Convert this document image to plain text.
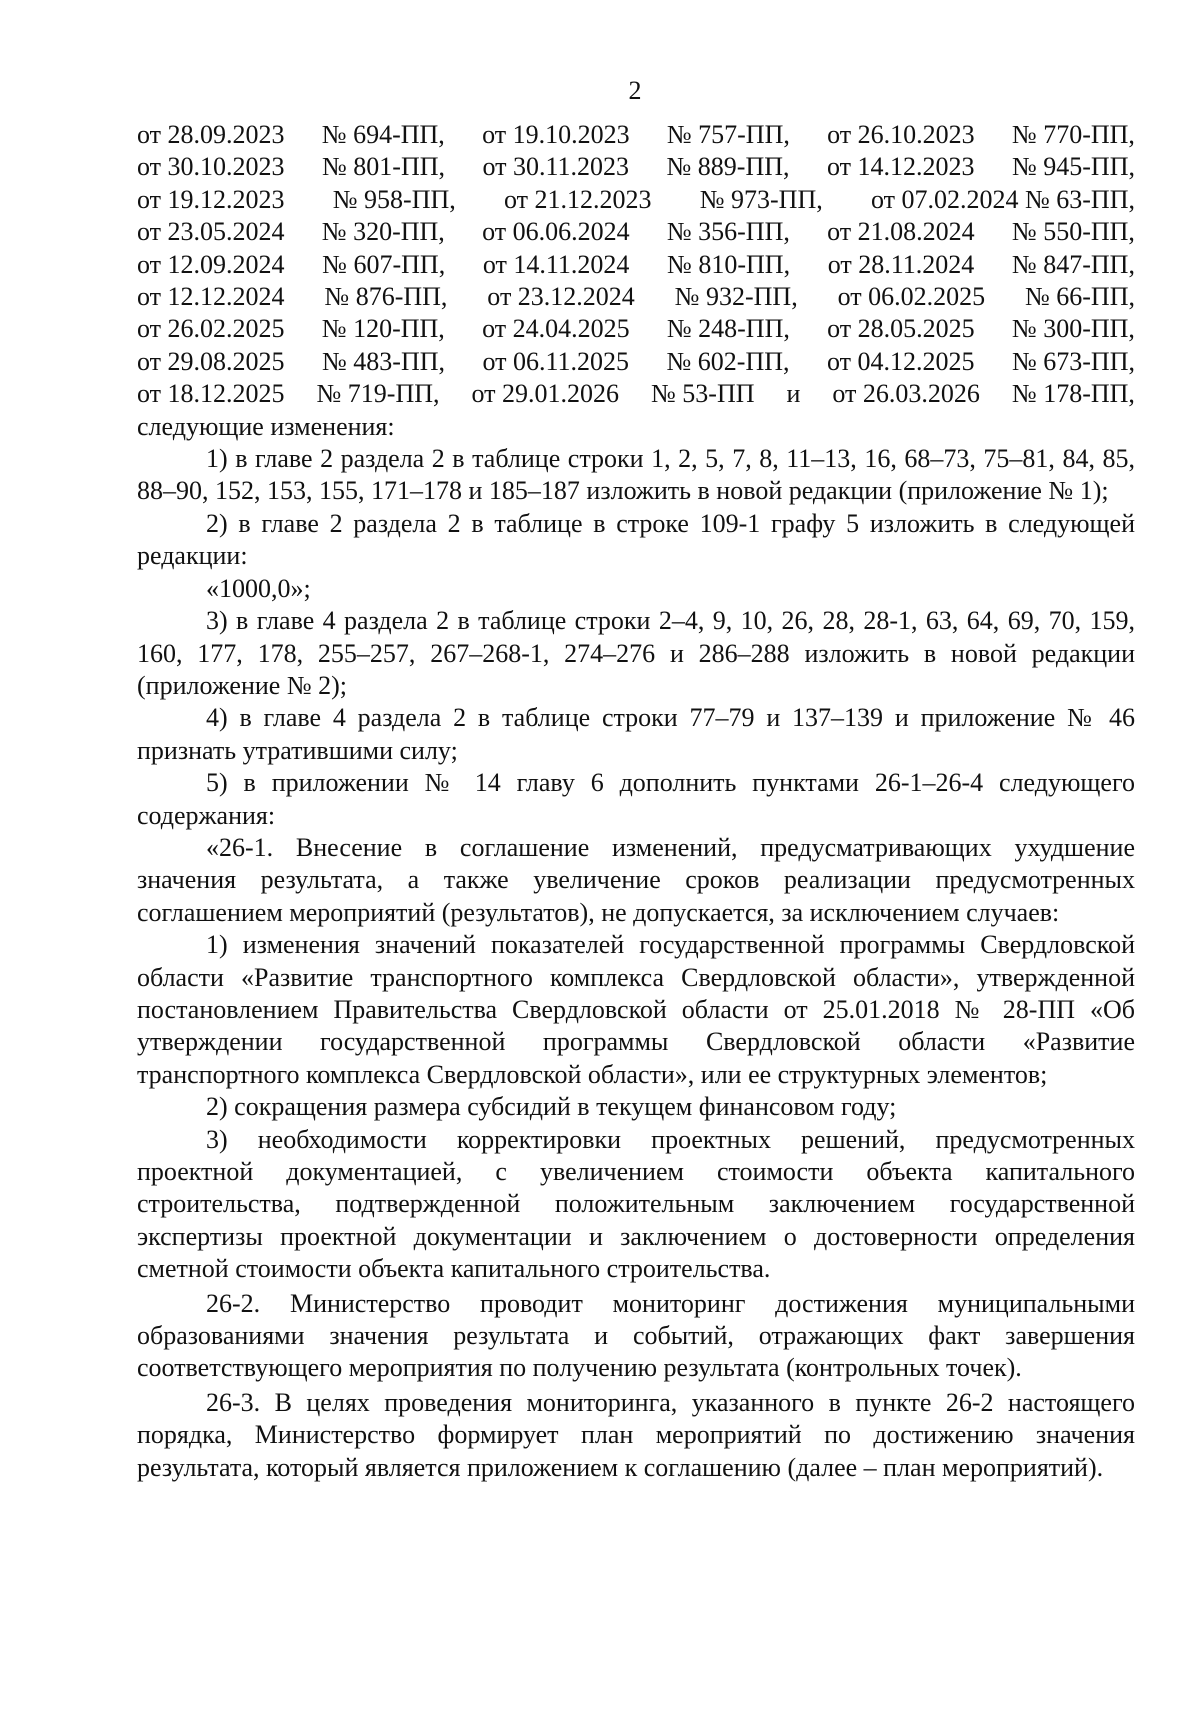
2
от 28.09.2023 № 694-ПП, от 19.10.2023 № 757-ПП, от 26.10.2023 № 770-ПП,
от 30.10.2023 № 801-ПП, от 30.11.2023 № 889-ПП, от 14.12.2023 № 945-ПП,
от 19.12.2023 № 958-ПП, от 21.12.2023 № 973-ПП, от 07.02.2024 № 63-ПП,
от 23.05.2024 № 320-ПП, от 06.06.2024 № 356-ПП, от 21.08.2024 № 550-ПП,
от 12.09.2024 № 607-ПП, от 14.11.2024 № 810-ПП, от 28.11.2024 № 847-ПП,
от 12.12.2024 № 876-ПП, от 23.12.2024 № 932-ПП, от 06.02.2025 № 66-ПП,
от 26.02.2025 № 120-ПП, от 24.04.2025 № 248-ПП, от 28.05.2025 № 300-ПП,
от 29.08.2025 № 483-ПП, от 06.11.2025 № 602-ПП, от 04.12.2025 № 673-ПП,
от 18.12.2025 № 719-ПП, от 29.01.2026 № 53-ПП и от 26.03.2026 № 178-ПП,

следующие изменения:

1) в главе 2 раздела 2 в таблице строки 1, 2, 5, 7, 8, 11–13, 16, 68–73, 75–81, 84, 85, 88–90, 152, 153, 155, 171–178 и 185–187 изложить в новой редакции (приложение № 1);

2) в главе 2 раздела 2 в таблице в строке 109-1 графу 5 изложить в следующей редакции:

«1000,0»;

3) в главе 4 раздела 2 в таблице строки 2–4, 9, 10, 26, 28, 28-1, 63, 64, 69, 70, 159, 160, 177, 178, 255–257, 267–268-1, 274–276 и 286–288 изложить в новой редакции (приложение № 2);

4) в главе 4 раздела 2 в таблице строки 77–79 и 137–139 и приложение № 46 признать утратившими силу;

5) в приложении № 14 главу 6 дополнить пунктами 26-1–26-4 следующего содержания:

«26-1. Внесение в соглашение изменений, предусматривающих ухудшение значения результата, а также увеличение сроков реализации предусмотренных соглашением мероприятий (результатов), не допускается, за исключением случаев:

1) изменения значений показателей государственной программы Свердловской области «Развитие транспортного комплекса Свердловской области», утвержденной постановлением Правительства Свердловской области от 25.01.2018 № 28-ПП «Об утверждении государственной программы Свердловской области «Развитие транспортного комплекса Свердловской области», или ее структурных элементов;

2) сокращения размера субсидий в текущем финансовом году;

3) необходимости корректировки проектных решений, предусмотренных проектной документацией, с увеличением стоимости объекта капитального строительства, подтвержденной положительным заключением государственной экспертизы проектной документации и заключением о достоверности определения сметной стоимости объекта капитального строительства.

26-2. Министерство проводит мониторинг достижения муниципальными образованиями значения результата и событий, отражающих факт завершения соответствующего мероприятия по получению результата (контрольных точек).

26-3. В целях проведения мониторинга, указанного в пункте 26-2 настоящего порядка, Министерство формирует план мероприятий по достижению значения результата, который является приложением к соглашению (далее – план мероприятий).
